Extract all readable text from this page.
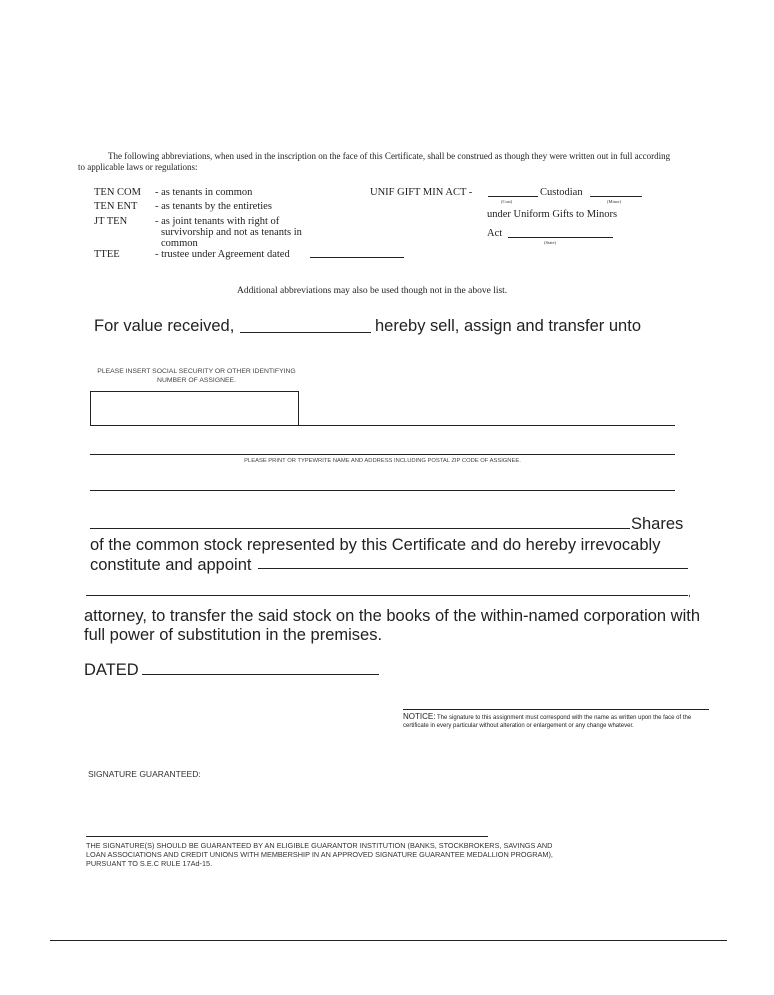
The following abbreviations, when used in the inscription on the face of this Certificate, shall be construed as though they were written out in full according to applicable laws or regulations:
TEN COM - as tenants in common
TEN ENT - as tenants by the entireties
JT TEN	- as joint tenants with right of survivorship and not as tenants in common
TTEE	- trustee under Agreement dated
UNIF GIFT MIN ACT -	Custodian
(Cust)	(Minor)
under Uniform Gifts to Minors
Act
(State)
Additional abbreviations may also be used though not in the above list.
For value received,	hereby sell, assign and transfer unto
PLEASE INSERT SOCIAL SECURITY OR OTHER IDENTIFYING NUMBER OF ASSIGNEE.
PLEASE PRINT OR TYPEWRITE NAME AND ADDRESS INCLUDING POSTAL ZIP CODE OF ASSIGNEE.
Shares
of the common stock represented by this Certificate and do hereby irrevocably
constitute and appoint
,
attorney, to transfer the said stock on the books of the within-named corporation with full power of substitution in the premises.
DATED
NOTICE: The signature to this assignment must correspond with the name as written upon the face of the certificate in every particular without alteration or enlargement or any change whatever.
SIGNATURE GUARANTEED:
THE SIGNATURE(S) SHOULD BE GUARANTEED BY AN ELIGIBLE GUARANTOR INSTITUTION (BANKS, STOCKBROKERS, SAVINGS AND LOAN ASSOCIATIONS AND CREDIT UNIONS WITH MEMBERSHIP IN AN APPROVED SIGNATURE GUARANTEE MEDALLION PROGRAM), PURSUANT TO S.E.C RULE 17Ad-15.
